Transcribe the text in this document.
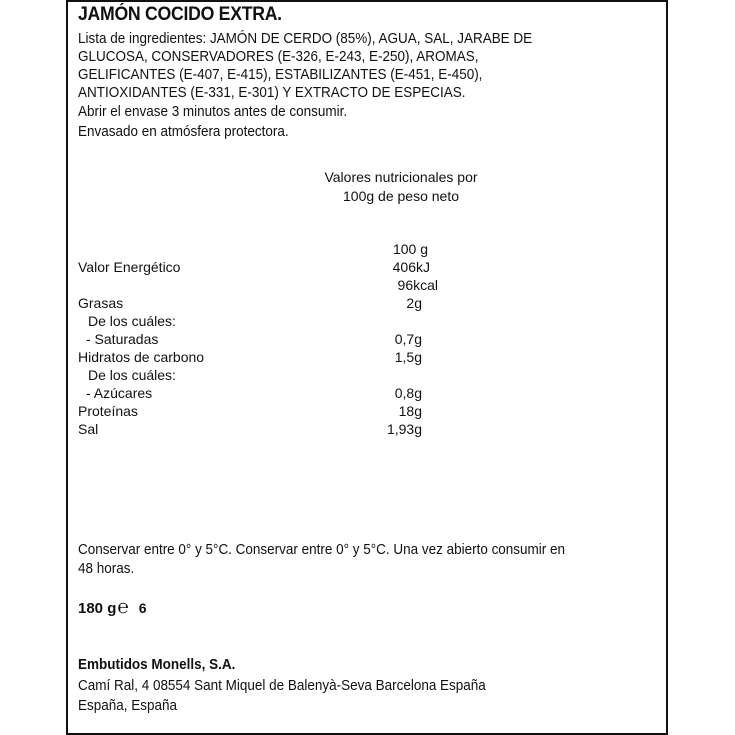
JAMÓN COCIDO EXTRA.
Lista de ingredientes: JAMÓN DE CERDO (85%), AGUA, SAL, JARABE DE
GLUCOSA, CONSERVADORES (E-326, E-243, E-250), AROMAS,
GELIFICANTES (E-407, E-415), ESTABILIZANTES (E-451, E-450),
ANTIOXIDANTES (E-331, E-301) Y EXTRACTO DE ESPECIAS.
Abrir el envase 3 minutos antes de consumir.
Envasado en atmósfera protectora.
Valores nutricionales por
100g de peso neto
100 g
Valor Energético	406kJ
96kcal
Grasas	2g
De los cuáles:
- Saturadas	0,7g
Hidratos de carbono	1,5g
De los cuáles:
- Azúcares	0,8g
Proteínas	18g
Sal	1,93g
Conservar entre 0° y 5°C. Conservar entre 0° y 5°C. Una vez abierto consumir en
48 horas.
180 g ℮ 6
Embutidos Monells, S.A.
Camí Ral, 4 08554 Sant Miquel de Balenyà-Seva Barcelona España
España, España
